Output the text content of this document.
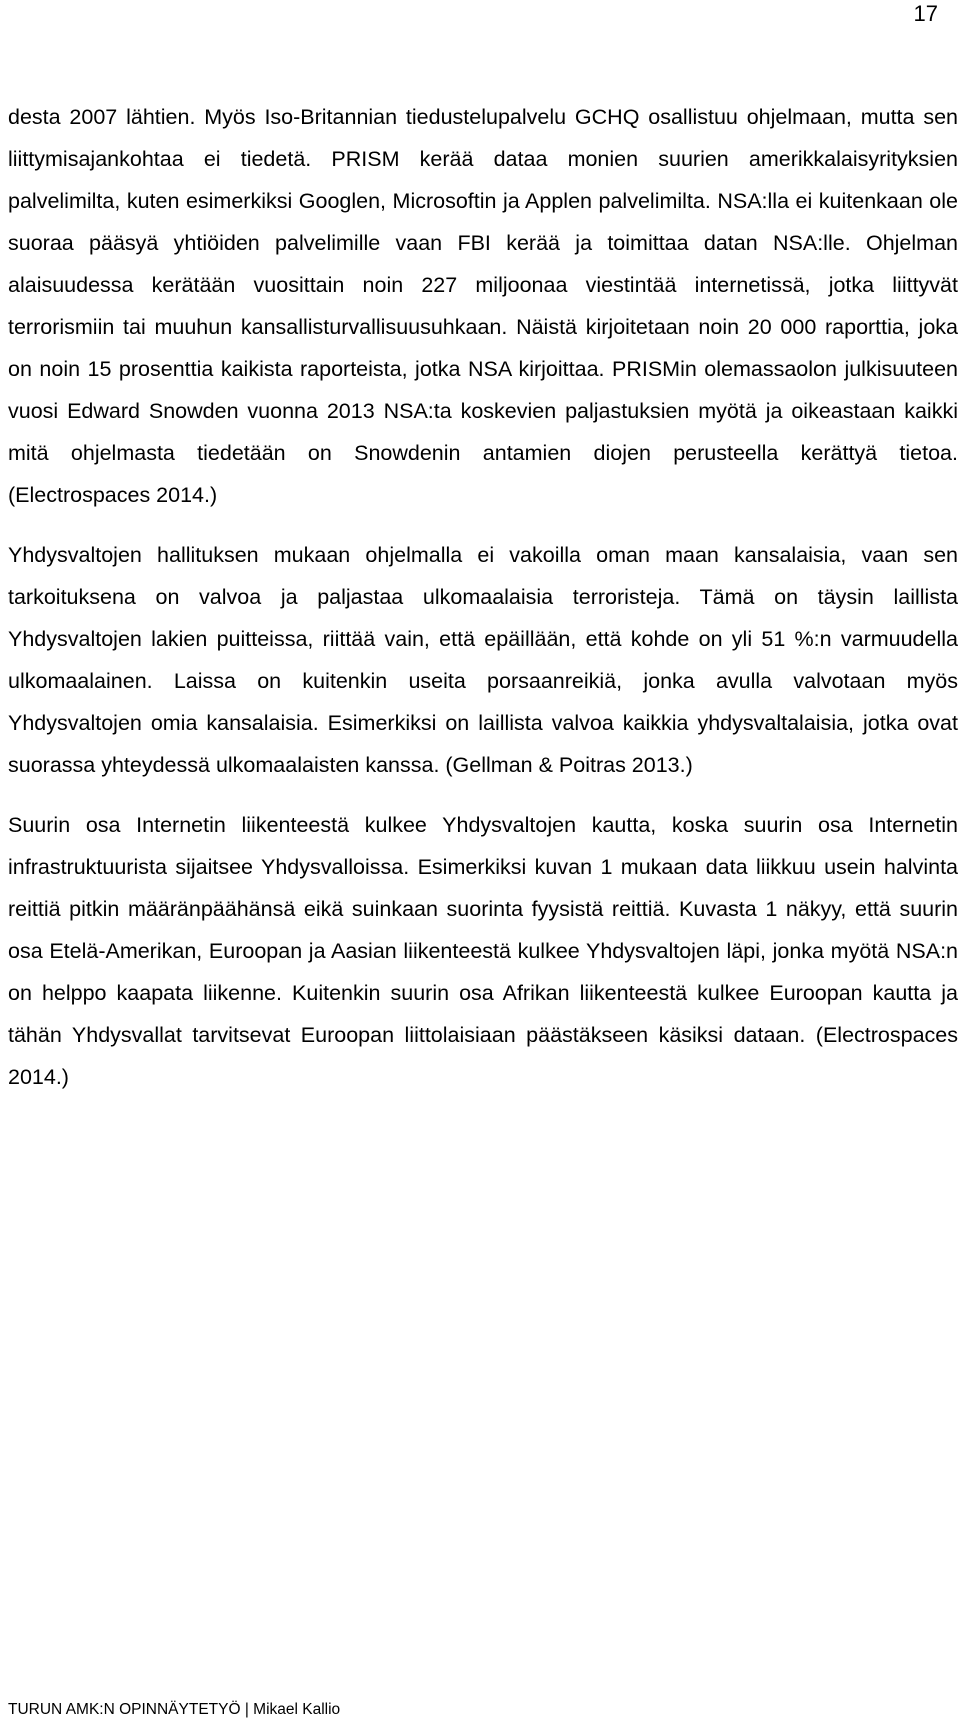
17

desta 2007 lähtien. Myös Iso-Britannian tiedustelupalvelu GCHQ osallistuu ohjelmaan, mutta sen liittymisajankohtaa ei tiedetä. PRISM kerää dataa monien suurien amerikkalaisyrityksien palvelimilta, kuten esimerkiksi Googlen, Microsoftin ja Applen palvelimilta. NSA:lla ei kuitenkaan ole suoraa pääsyä yhtiöiden palvelimille vaan FBI kerää ja toimittaa datan NSA:lle. Ohjelman alaisuudessa kerätään vuosittain noin 227 miljoonaa viestintää internetissä, jotka liittyvät terrorismiin tai muuhun kansallisturvallisuusuhkaan. Näistä kirjoitetaan noin 20 000 raporttia, joka on noin 15 prosenttia kaikista raporteista, jotka NSA kirjoittaa. PRISMin olemassaolon julkisuuteen vuosi Edward Snowden vuonna 2013 NSA:ta koskevien paljastuksien myötä ja oikeastaan kaikki mitä ohjelmasta tiedetään on Snowdenin antamien diojen perusteella kerättyä tietoa. (Electrospaces 2014.)

Yhdysvaltojen hallituksen mukaan ohjelmalla ei vakoilla oman maan kansalaisia, vaan sen tarkoituksena on valvoa ja paljastaa ulkomaalaisia terroristeja. Tämä on täysin laillista Yhdysvaltojen lakien puitteissa, riittää vain, että epäillään, että kohde on yli 51 %:n varmuudella ulkomaalainen. Laissa on kuitenkin useita porsaanreikiä, jonka avulla valvotaan myös Yhdysvaltojen omia kansalaisia. Esimerkiksi on laillista valvoa kaikkia yhdysvaltalaisia, jotka ovat suorassa yhteydessä ulkomaalaisten kanssa. (Gellman & Poitras 2013.)

Suurin osa Internetin liikenteestä kulkee Yhdysvaltojen kautta, koska suurin osa Internetin infrastruktuurista sijaitsee Yhdysvalloissa. Esimerkiksi kuvan 1 mukaan data liikkuu usein halvinta reittiä pitkin määränpäähänsä eikä suinkaan suorinta fyysistä reittiä. Kuvasta 1 näkyy, että suurin osa Etelä-Amerikan, Euroopan ja Aasian liikenteestä kulkee Yhdysvaltojen läpi, jonka myötä NSA:n on helppo kaapata liikenne. Kuitenkin suurin osa Afrikan liikenteestä kulkee Euroopan kautta ja tähän Yhdysvallat tarvitsevat Euroopan liittolaisiaan päästäkseen käsiksi dataan. (Electrospaces 2014.)

TURUN AMK:N OPINNÄYTETYÖ | Mikael Kallio
